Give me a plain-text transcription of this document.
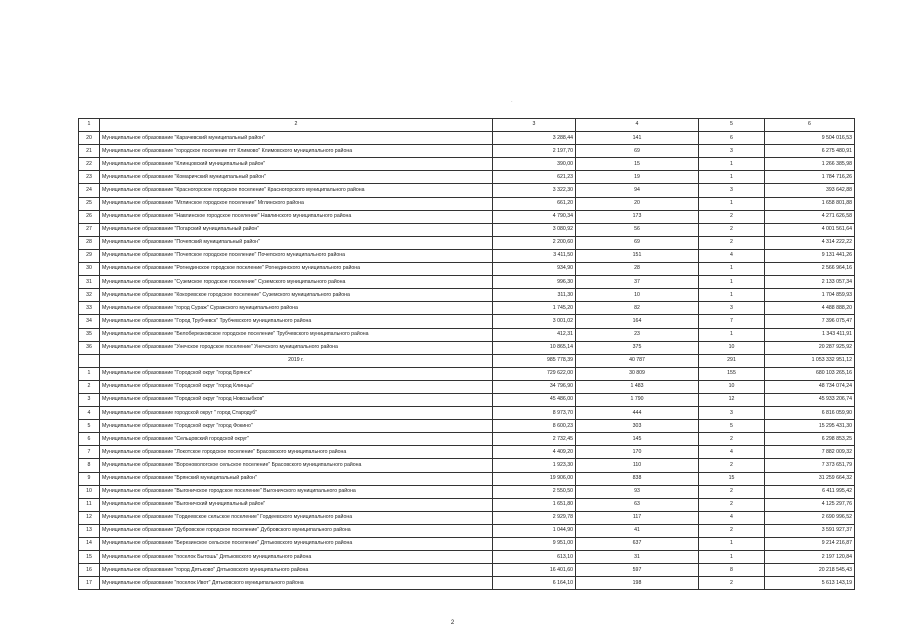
·
1	2	3	4	5	6
20	Муниципальное образование "Карачевский муниципальный район"	3 288,44	141	6	9 504 016,53
21	Муниципальное образование "городское поселение пгт Климово" Климовского муниципального района	2 197,70	69	3	6 275 480,91
22	Муниципальное образование "Клинцовский муниципальный район"	390,00	15	1	1 266 385,98
23	Муниципальное образование "Комаричский муниципальный район"	621,23	19	1	1 784 716,26
24	Муниципальное образование "Красногорское городское поселение" Красногорского муниципального района	3 322,30	94	3	393 642,88
25	Муниципальное образование "Мглинское городское поселение" Мглинского района	661,20	20	1	1 658 801,88
26	Муниципальное образование "Навлинское городское поселение" Навлинского муниципального района	4 790,34	173	2	4 271 626,58
27	Муниципальное образование "Погарский муниципальный район"	3 080,92	56	2	4 001 561,64
28	Муниципальное образование "Почепский муниципальный район"	2 200,60	69	2	4 314 222,22
29	Муниципальное образование "Почепское городское поселение" Почепского муниципального района	3 411,50	151	4	9 131 441,26
30	Муниципальное образование "Рогнединское городское поселение" Рогнединского муниципального района	934,90	28	1	2 566 964,16
31	Муниципальное образование "Суземское городское поселение" Суземского муниципального района	996,30	37	1	2 133 057,34
32	Муниципальное образование "Кокоревское городское поселение" Суземского муниципального района	311,30	10	1	1 704 859,93
33	Муниципальное образование "город Сураж" Суражского муниципального района	1 745,20	82	3	4 488 888,20
34	Муниципальное образование "Город Трубчевск" Трубчевского муниципального района	3 001,02	164	7	7 396 075,47
35	Муниципальное образование "Белоберезковское городское поселение" Трубчевского муниципального района	412,31	23	1	1 343 411,91
36	Муниципальное образование "Унечское городское поселение" Унечского муниципального района	10 865,14	375	10	20 287 925,92
	2019 г.	985 778,39	40 787	291	1 053 332 951,12
1	Муниципальное образование "Городской округ "город Брянск"	729 622,00	30 809	155	680 103 265,16
2	Муниципальное образование "Городской округ "город Клинцы"	34 796,90	1 483	10	48 734 074,24
3	Муниципальное образование "Городской округ "город Новозыбков"	45 486,00	1 790	12	45 933 206,74
4	Муниципальное образование городской округ " город Стародуб"	8 973,70	444	3	6 816 059,90
5	Муниципальное образование "Городской округ "город Фокино"	8 600,23	303	5	15 295 431,30
6	Муниципальное образование "Сельцовский городской округ"	2 732,45	145	2	6 298 853,25
7	Муниципальное образование "Локотское городское поселение" Брасовского муниципального района	4 409,20	170	4	7 882 009,32
8	Муниципальное образование "Вороновологское сельское поселение" Брасовского муниципального района	1 923,30	110	2	7 373 651,79
9	Муниципальное образование "Брянский муниципальный район"	19 906,00	838	15	31 259 664,32
10	Муниципальное образование "Выгоничское городское поселение" Выгоничского муниципального района	2 550,50	93	2	6 411 995,42
11	Муниципальное образование "Выгоничский муниципальный район"	1 651,80	63	2	4 125 297,76
12	Муниципальное образование "Гордеевское сельское поселение" Гордеевского муниципального района	2 929,78	117	4	2 690 996,52
13	Муниципальное образование "Дубровское городское поселение" Дубровского муниципального района	1 044,90	41	2	3 591 927,37
14	Муниципальное образование "Березинское сельское поселение" Дятьковского муниципального района	9 951,00	637	1	9 214 216,87
15	Муниципальное образование "поселок Бытошь" Дятьковского муниципального района	613,10	31	1	2 197 120,84
16	Муниципальное образование "город Дятьково" Дятьковского муниципального района	16 401,60	597	8	20 218 545,43
17	Муниципальное образование "поселок Ивот" Дятьковского муниципального района	6 164,10	198	2	5 613 143,19
2
